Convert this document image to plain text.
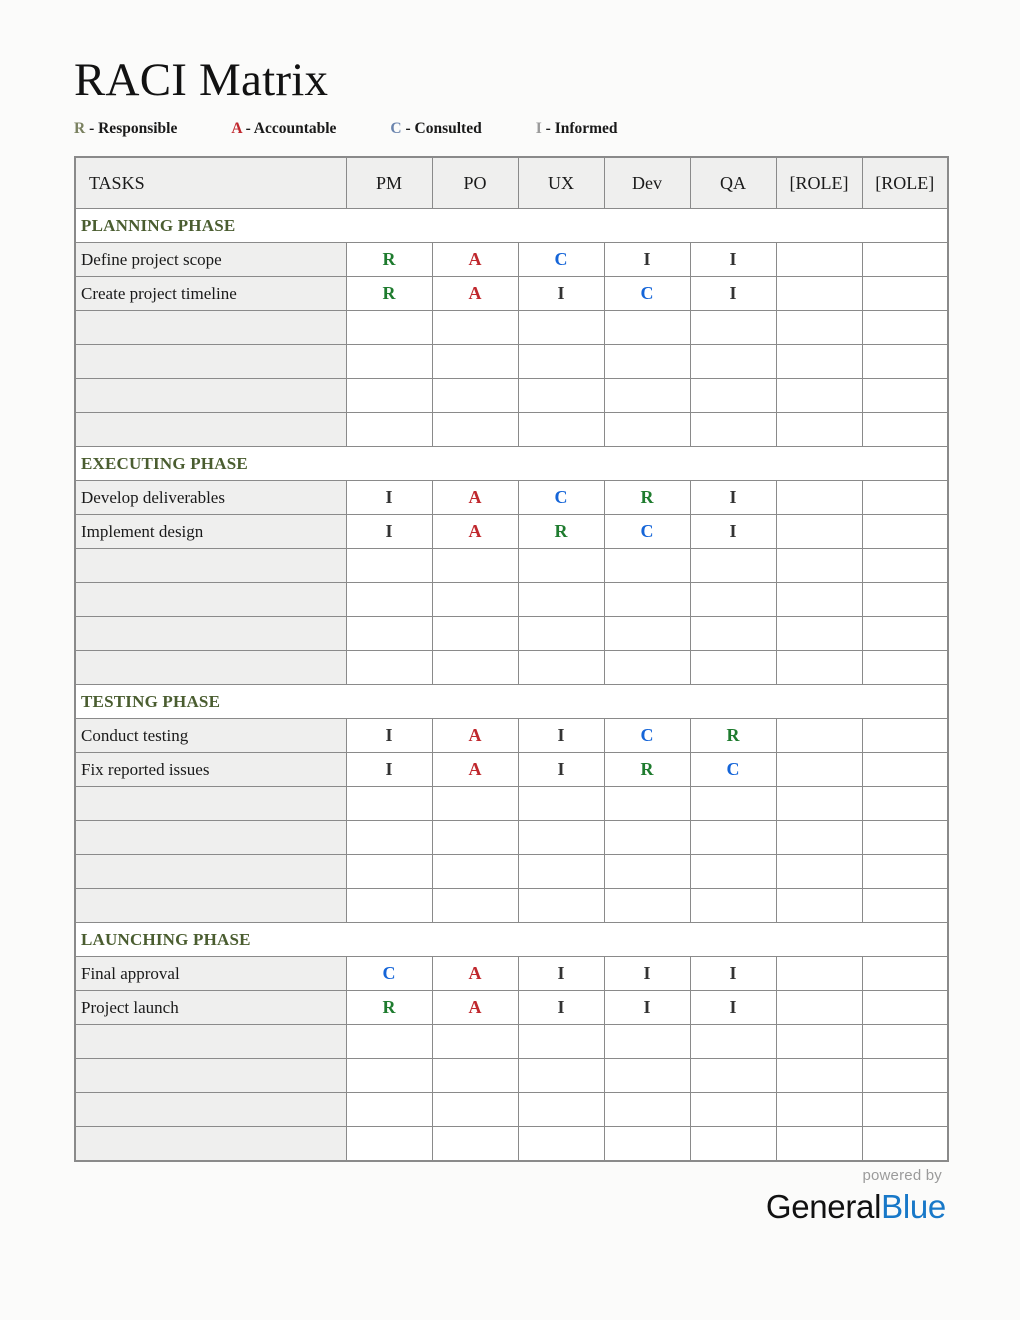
RACI Matrix
R - Responsible	A - Accountable	C - Consulted	I - Informed
TASKS	PM	PO	UX	Dev	QA	[ROLE]	[ROLE]
PLANNING PHASE							
Define project scope	R	A	C	I	I		
Create project timeline	R	A	I	C	I		

EXECUTING PHASE							
Develop deliverables	I	A	C	R	I		
Implement design	I	A	R	C	I		

TESTING PHASE							
Conduct testing	I	A	I	C	R		
Fix reported issues	I	A	I	R	C		

LAUNCHING PHASE							
Final approval	C	A	I	I	I		
Project launch	R	A	I	I	I		

powered by
GeneralBlue
